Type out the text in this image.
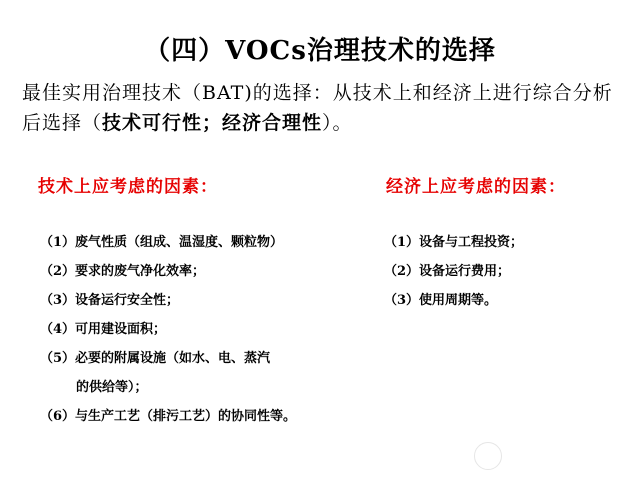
（四）VOCs治理技术的选择
最佳实用治理技术（BAT)的选择：从技术上和经济上进行综合分析后选择（技术可行性；经济合理性）。
技术上应考虑的因素：	经济上应考虑的因素：
（1）废气性质（组成、温湿度、颗粒物）
（2）要求的废气净化效率；
（3）设备运行安全性；
（4）可用建设面积；
（5）必要的附属设施（如水、电、蒸汽
的供给等）；
（6）与生产工艺（排污工艺）的协同性等。
（1）设备与工程投资；
（2）设备运行费用；
（3）使用周期等。
